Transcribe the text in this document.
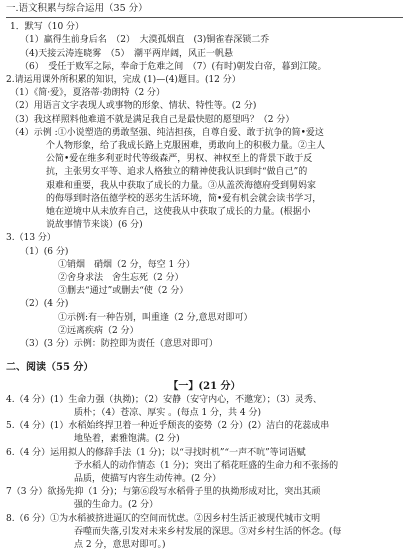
一.语文积累与综合运用（35 分）
1．默写（10 分）
（1）羸得生前身后名　（2）　大漠孤烟直　(3)铜雀春深锁二乔
（4)天接云涛连晓雾　（5）　潮平两岸阔，风正一帆悬
（6）　受任于败军之际，奉命于危难之间　（7）(有时)朝发白帝，暮到江陵。
2.请运用课外所积累的知识，完成 (1)—(4)题目。(12 分）
（1）《简·爱》，夏洛蒂·勃朗特（2 分）
（2）用语言文字表现人或事物的形象、情状、特性等。(2 分)
（3）我这样照料他难道不就是满足我自己是最快慰的愿望吗？（2 分）
（4）示例 :①小说塑造的勇敢坚强、纯洁担孩，自尊自爱、敢于抗争的简•爱这
个人物形象，给了我成长路上克服困难，勇敢向上的积极力量。②主人
公简•爱在维多利亚时代等级森严，男权、神权至上的背景下敢于反
抗，主张男女平等、追求人格独立的精神使我认识到时“做自己”的
艰难和重要，我从中获取了成长的力量。③从盖茨海德府受到舅妈家
的侮辱到时洛伍德学校的恶劣生活环境，简•爱有机会就会读书学习，
她在逆境中从未放弃自己，这使我从中获取了成长的力量。(根据小
说故事情节来谈）(6 分)
3.（13 分）
（1）(6 分)
①销烟　硝烟（2 分，每空 1 分）
②舍身求法　舍生忘死（2 分）
③删去“通过”或删去“使（2 分）
（2）(4 分)
①示例:有一种告别，叫重逢（2 分,意思对即可）
②远离疾病（2 分）
（3）(3 分）示例：防控即为责任（意思对即可）
二、阅读（55 分）
【一】(21 分）
4.（4 分）(1）生命力强（执拗)；（2）安静（安守内心，不邀宠）；（3）灵秀、
质朴；（4）苍凉、厚实 。(每点 1 分，共 4 分)
5.（4 分）(1）水稻始终捍卫着一种近乎颓丧的姿势（2 分）(2）洁白的花蕊成串
地坠着，素雅饱满。(2 分)
6.（4 分）运用拟人的修辞手法（1 分)；以“寻找时机”“一声不吭”等词语赋
予水稻人的动作情态（1 分)；突出了稻花旺盛的生命力和不张扬的
品质，使描写内容生动传神。(2 分）
7（3 分）欲扬先抑（1 分)；与第⑥段写水稻骨子里的执拗形成对比，突出其顽
强的生命力。(2 分）
8.（6 分）①为水稻被挤进逼仄的空间而忧虑。②因乡村生活正被现代城市文明
吞噬而失落,引发对未来乡村发展的深思。③对乡村生活的怀念。(每
点 2 分，意思对即可。)
